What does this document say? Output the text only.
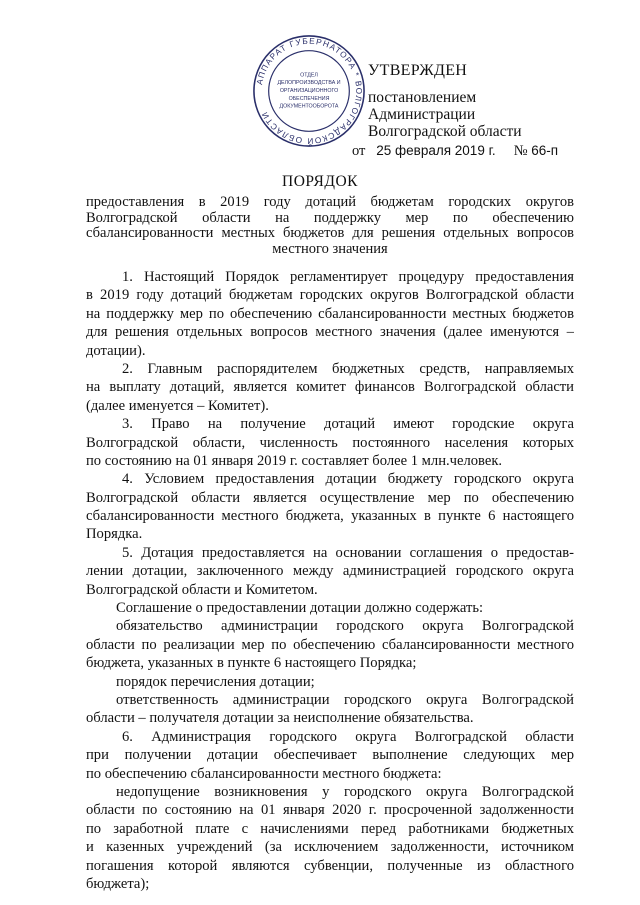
АППАРАТ ГУБЕРНАТОРА * ВОЛГОГРАДСКОЙ ОБЛАСТИ
ОТДЕЛ
ДЕЛОПРОИЗВОДСТВА И
ОРГАНИЗАЦИОННОГО
ОБЕСПЕЧЕНИЯ
ДОКУМЕНТООБОРОТА
УТВЕРЖДЕН
постановлением
Администрации
Волгоградской области
от 25 февраля 2019 г. № 66-п
ПОРЯДОК
предоставления в 2019 году дотаций бюджетам городских округов
Волгоградской области на поддержку мер по обеспечению
сбалансированности местных бюджетов для решения отдельных вопросов
местного значения
1. Настоящий Порядок регламентирует процедуру предоставления
в 2019 году дотаций бюджетам городских округов Волгоградской области
на поддержку мер по обеспечению сбалансированности местных бюджетов
для решения отдельных вопросов местного значения (далее именуются –
дотации).
2. Главным распорядителем бюджетных средств, направляемых
на выплату дотаций, является комитет финансов Волгоградской области
(далее именуется – Комитет).
3. Право на получение дотаций имеют городские округа
Волгоградской области, численность постоянного населения которых
по состоянию на 01 января 2019 г. составляет более 1 млн.человек.
4. Условием предоставления дотации бюджету городского округа
Волгоградской области является осуществление мер по обеспечению
сбалансированности местного бюджета, указанных в пункте 6 настоящего
Порядка.
5. Дотация предоставляется на основании соглашения о предостав-
лении дотации, заключенного между администрацией городского округа
Волгоградской области и Комитетом.
Соглашение о предоставлении дотации должно содержать:
обязательство администрации городского округа Волгоградской
области по реализации мер по обеспечению сбалансированности местного
бюджета, указанных в пункте 6 настоящего Порядка;
порядок перечисления дотации;
ответственность администрации городского округа Волгоградской
области – получателя дотации за неисполнение обязательства.
6. Администрация городского округа Волгоградской области
при получении дотации обеспечивает выполнение следующих мер
по обеспечению сбалансированности местного бюджета:
недопущение возникновения у городского округа Волгоградской
области по состоянию на 01 января 2020 г. просроченной задолженности
по заработной плате с начислениями перед работниками бюджетных
и казенных учреждений (за исключением задолженности, источником
погашения которой являются субвенции, полученные из областного
бюджета);
